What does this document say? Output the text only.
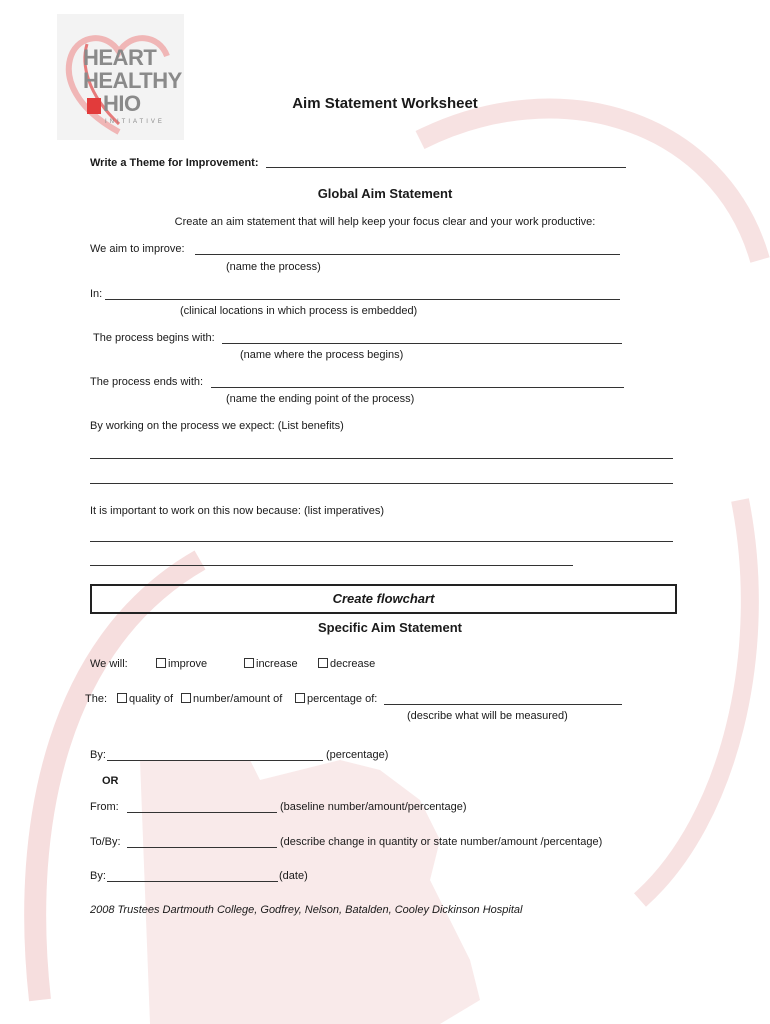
HEART
HEALTHY
HIO
INITIATIVE
Aim Statement Worksheet
Write a Theme for Improvement:
Global Aim Statement
Create an aim statement that will help keep your focus clear and your work productive:
We aim to improve:
(name the process)
In:
(clinical locations in which process is embedded)
The process begins with:
(name where the process begins)
The process ends with:
(name the ending point of the process)
By working on the process we expect: (List benefits)
It is important to work on this now because: (list imperatives)
Create flowchart
Specific Aim Statement
We will:	improve	increase	decrease
The:	quality of	number/amount of	percentage of:
(describe what will be measured)
By:	(percentage)
OR
From:	(baseline number/amount/percentage)
To/By:	(describe change in quantity or state number/amount /percentage)
By:	(date)
2008 Trustees Dartmouth College, Godfrey, Nelson, Batalden, Cooley Dickinson Hospital
